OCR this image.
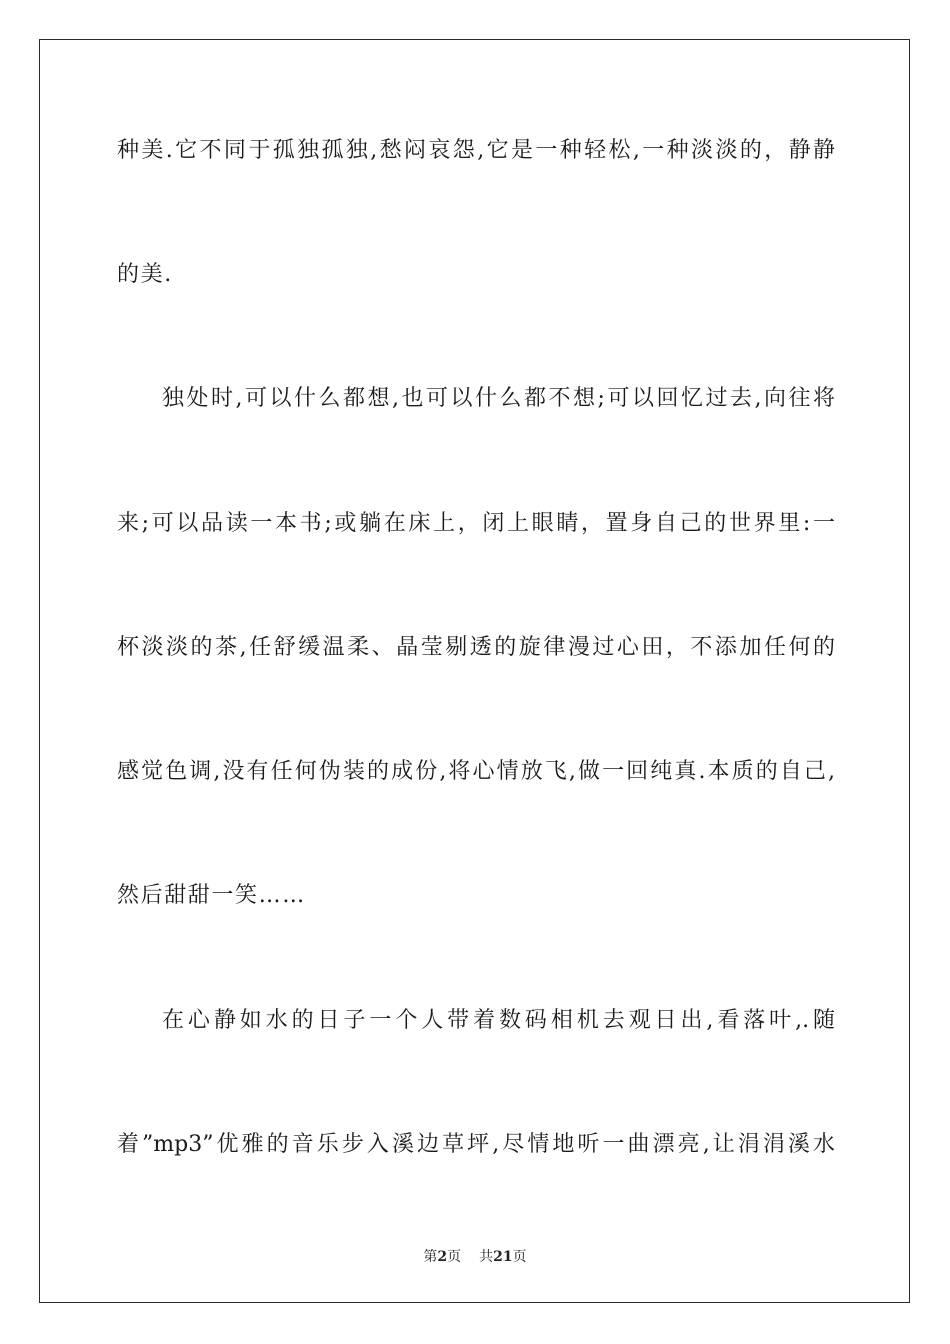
种美.它不同于孤独孤独,愁闷哀怨,它是一种轻松,一种淡淡的，静静
的美.
独处时,可以什么都想,也可以什么都不想;可以回忆过去,向往将
来;可以品读一本书;或躺在床上，闭上眼睛，置身自己的世界里:一
杯淡淡的茶,任舒缓温柔、晶莹剔透的旋律漫过心田，不添加任何的
感觉色调,没有任何伪装的成份,将心情放飞,做一回纯真.本质的自己,
然后甜甜一笑……
在心静如水的日子一个人带着数码相机去观日出,看落叶,.随
着”mp3”优雅的音乐步入溪边草坪,尽情地听一曲漂亮,让涓涓溪水
第2页 共21页
